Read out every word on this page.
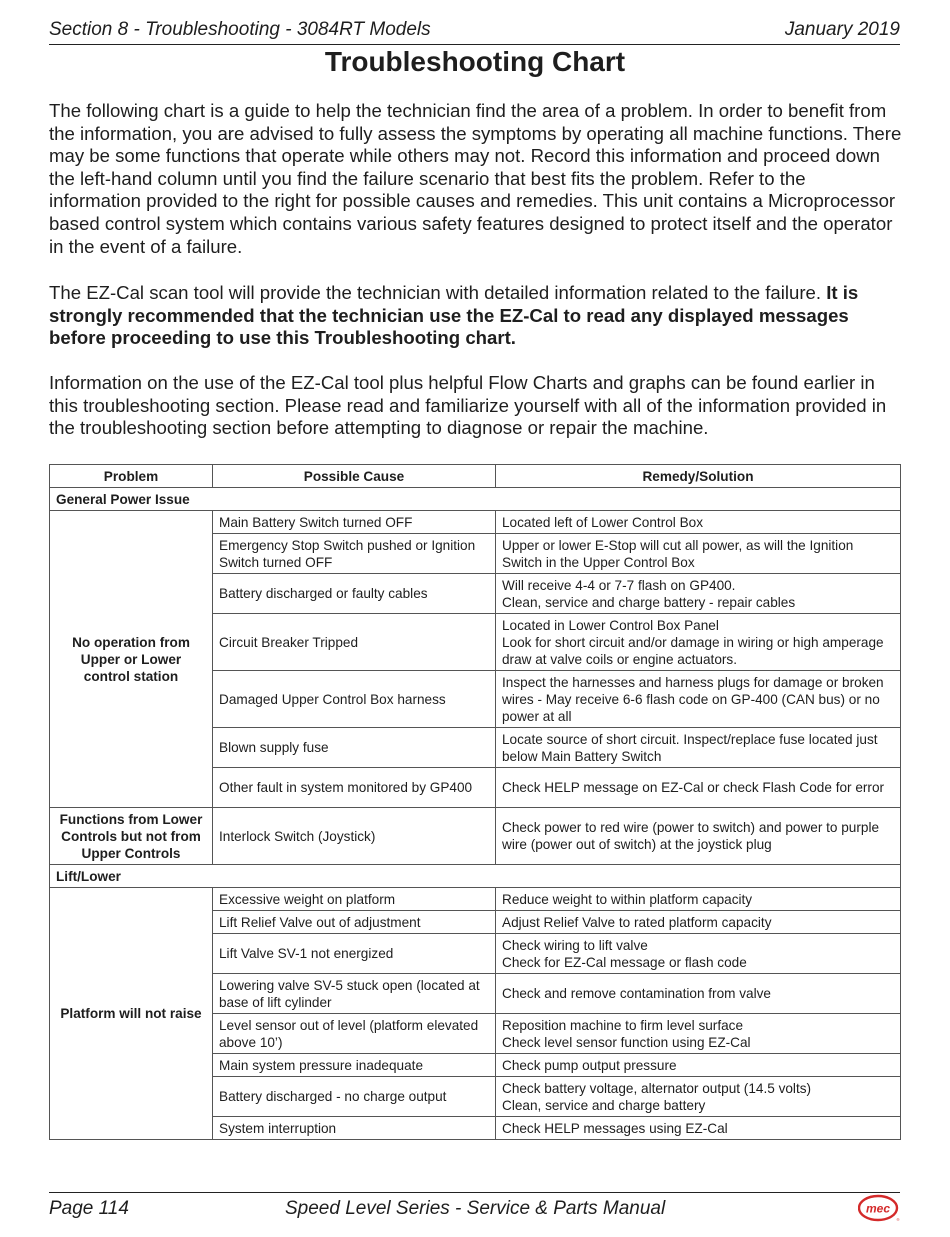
Section 8 - Troubleshooting - 3084RT Models	January 2019
Troubleshooting Chart

The following chart is a guide to help the technician find the area of a problem. In order to benefit from the information, you are advised to fully assess the symptoms by operating all machine functions. There may be some functions that operate while others may not. Record this information and proceed down the left-hand column until you find the failure scenario that best fits the problem. Refer to the information provided to the right for possible causes and remedies. This unit contains a Microprocessor based control system which contains various safety features designed to protect itself and the operator in the event of a failure.

The EZ-Cal scan tool will provide the technician with detailed information related to the failure. It is strongly recommended that the technician use the EZ-Cal to read any displayed messages before proceeding to use this Troubleshooting chart.

Information on the use of the EZ-Cal tool plus helpful Flow Charts and graphs can be found earlier in this troubleshooting section. Please read and familiarize yourself with all of the information provided in the troubleshooting section before attempting to diagnose or repair the machine.

Problem	Possible Cause	Remedy/Solution
General Power Issue		
No operation from Upper or Lower control station	Main Battery Switch turned OFF	Located left of Lower Control Box
	Emergency Stop Switch pushed or Ignition Switch turned OFF	Upper or lower E-Stop will cut all power, as will the Ignition Switch in the Upper Control Box
	Battery discharged or faulty cables	Will receive 4-4 or 7-7 flash on GP400.
Clean, service and charge battery - repair cables
	Circuit Breaker Tripped	Located in Lower Control Box Panel
Look for short circuit and/or damage in wiring or high amperage draw at valve coils or engine actuators.
	Damaged Upper Control Box harness	Inspect the harnesses and harness plugs for damage or broken wires - May receive 6-6 flash code on GP-400 (CAN bus) or no power at all
	Blown supply fuse	Locate source of short circuit. Inspect/replace fuse located just below Main Battery Switch
	Other fault in system monitored by GP400	Check HELP message on EZ-Cal or check Flash Code for error
Functions from Lower Controls but not from Upper Controls	Interlock Switch (Joystick)	Check power to red wire (power to switch) and power to purple wire (power out of switch) at the joystick plug
Lift/Lower		
Platform will not raise	Excessive weight on platform	Reduce weight to within platform capacity
	Lift Relief Valve out of adjustment	Adjust Relief Valve to rated platform capacity
	Lift Valve SV-1 not energized	Check wiring to lift valve
Check for EZ-Cal message or flash code
	Lowering valve SV-5 stuck open (located at base of lift cylinder	Check and remove contamination from valve
	Level sensor out of level (platform elevated above 10’)	Reposition machine to firm level surface
Check level sensor function using EZ-Cal
	Main system pressure inadequate	Check pump output pressure
	Battery discharged - no charge output	Check battery voltage, alternator output (14.5 volts)
Clean, service and charge battery
	System interruption	Check HELP messages using EZ-Cal
Page 114	Speed Level Series - Service & Parts Manual	mec
®
